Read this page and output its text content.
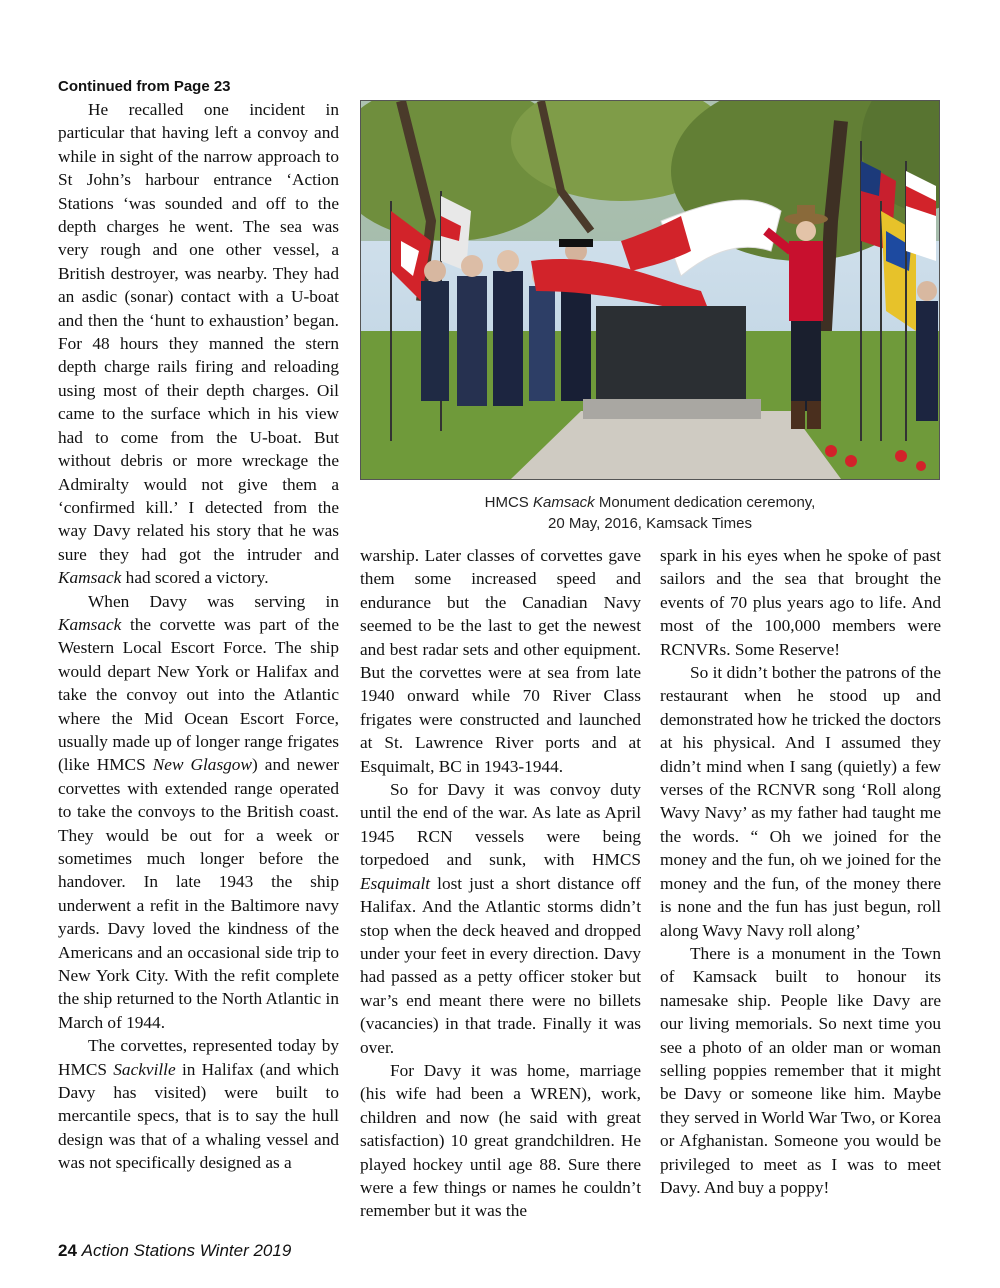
Continued from Page 23

He recalled one incident in particular that having left a convoy and while in sight of the narrow approach to St John’s harbour entrance ‘Action Stations ‘was sounded and off to the depth charges he went. The sea was very rough and one other vessel, a British destroyer, was nearby. They had an asdic (sonar) contact with a U-boat and then the ‘hunt to exhaustion’ began. For 48 hours they manned the stern depth charge rails firing and reloading using most of their depth charges. Oil came to the surface which in his view had to come from the U-boat. But without debris or more wreckage the Admiralty would not give them a ‘confirmed kill.’ I detected from the way Davy related his story that he was sure they had got the intruder and Kamsack had scored a victory.

When Davy was serving in Kamsack the corvette was part of the Western Local Escort Force. The ship would depart New York or Halifax and take the convoy out into the Atlantic where the Mid Ocean Escort Force, usually made up of longer range frigates (like HMCS New Glasgow) and newer corvettes with extended range operated to take the convoys to the British coast. They would be out for a week or sometimes much longer before the handover. In late 1943 the ship underwent a refit in the Baltimore navy yards. Davy loved the kindness of the Americans and an occasional side trip to New York City. With the refit complete the ship returned to the North Atlantic in March of 1944.

The corvettes, represented today by HMCS Sackville in Halifax (and which Davy has visited) were built to mercantile specs, that is to say the hull design was that of a whaling vessel and was not specifically designed as a

HMCS Kamsack Monument dedication ceremony,
20 May, 2016, Kamsack Times

warship. Later classes of corvettes gave them some increased speed and endurance but the Canadian Navy seemed to be the last to get the newest and best radar sets and other equipment. But the corvettes were at sea from late 1940 onward while 70 River Class frigates were constructed and launched at St. Lawrence River ports and at Esquimalt, BC in 1943-1944.

So for Davy it was convoy duty until the end of the war. As late as April 1945 RCN vessels were being torpedoed and sunk, with HMCS Esquimalt lost just a short distance off Halifax. And the Atlantic storms didn’t stop when the deck heaved and dropped under your feet in every direction. Davy had passed as a petty officer stoker but war’s end meant there were no billets (vacancies) in that trade. Finally it was over.

For Davy it was home, marriage (his wife had been a WREN), work, children and now (he said with great satisfaction) 10 great grandchildren. He played hockey until age 88. Sure there were a few things or names he couldn’t remember but it was the

spark in his eyes when he spoke of past sailors and the sea that brought the events of 70 plus years ago to life. And most of the 100,000 members were RCNVRs. Some Reserve!

So it didn’t bother the patrons of the restaurant when he stood up and demonstrated how he tricked the doctors at his physical. And I assumed they didn’t mind when I sang (quietly) a few verses of the RCNVR song ‘Roll along Wavy Navy’ as my father had taught me the words. “ Oh we joined for the money and the fun, oh we joined for the money and the fun, of the money there is none and the fun has just begun, roll along Wavy Navy roll along’

There is a monument in the Town of Kamsack built to honour its namesake ship. People like Davy are our living memorials. So next time you see a photo of an older man or woman selling poppies remember that it might be Davy or someone like him. Maybe they served in World War Two, or Korea or Afghanistan. Someone you would be privileged to meet as I was to meet Davy. And buy a poppy!

24 Action Stations Winter 2019
